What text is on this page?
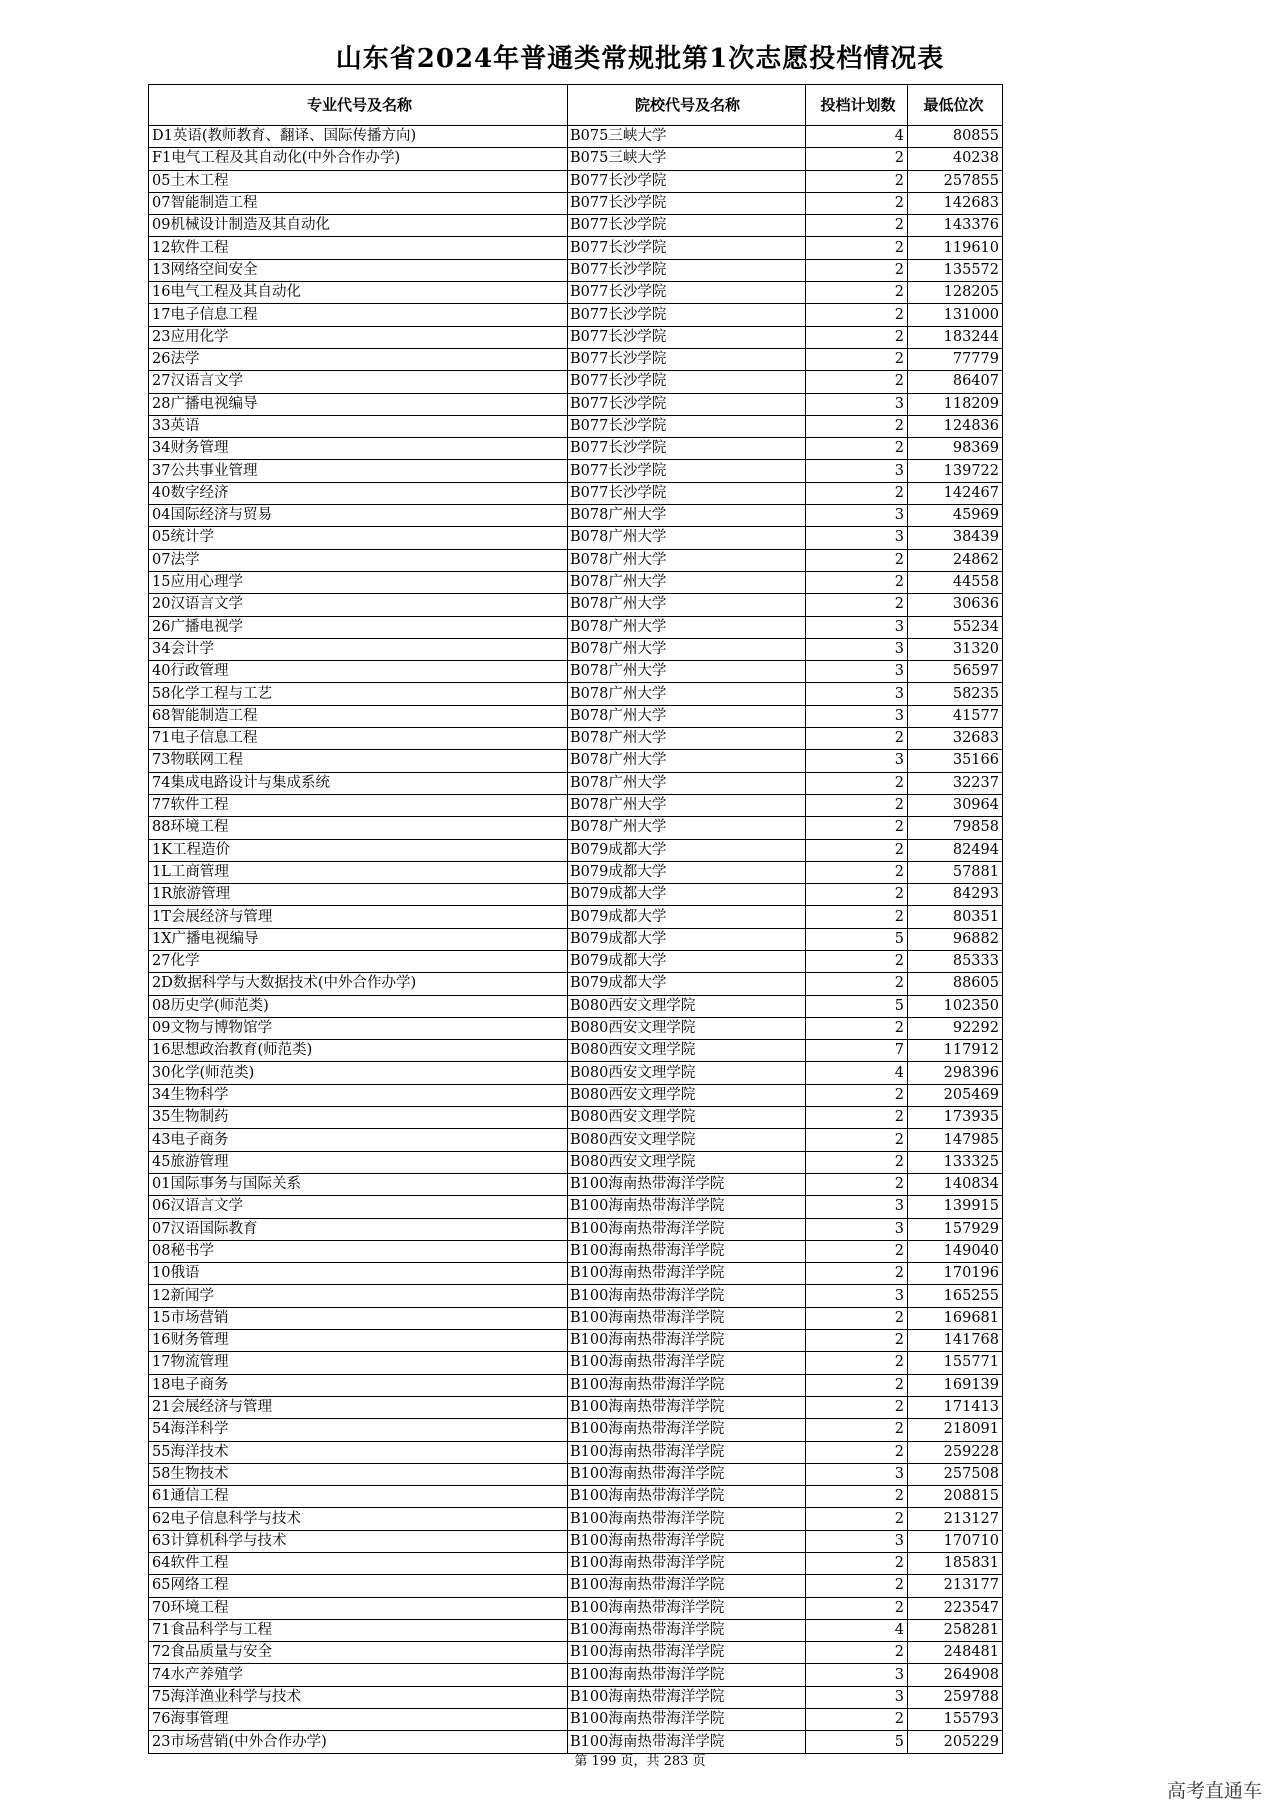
山东省2024年普通类常规批第1次志愿投档情况表
专业代号及名称	院校代号及名称	投档计划数	最低位次
D1英语(教师教育、翻译、国际传播方向)	B075三峡大学	4	80855
F1电气工程及其自动化(中外合作办学)	B075三峡大学	2	40238
05土木工程	B077长沙学院	2	257855
07智能制造工程	B077长沙学院	2	142683
09机械设计制造及其自动化	B077长沙学院	2	143376
12软件工程	B077长沙学院	2	119610
13网络空间安全	B077长沙学院	2	135572
16电气工程及其自动化	B077长沙学院	2	128205
17电子信息工程	B077长沙学院	2	131000
23应用化学	B077长沙学院	2	183244
26法学	B077长沙学院	2	77779
27汉语言文学	B077长沙学院	2	86407
28广播电视编导	B077长沙学院	3	118209
33英语	B077长沙学院	2	124836
34财务管理	B077长沙学院	2	98369
37公共事业管理	B077长沙学院	3	139722
40数字经济	B077长沙学院	2	142467
04国际经济与贸易	B078广州大学	3	45969
05统计学	B078广州大学	3	38439
07法学	B078广州大学	2	24862
15应用心理学	B078广州大学	2	44558
20汉语言文学	B078广州大学	2	30636
26广播电视学	B078广州大学	3	55234
34会计学	B078广州大学	3	31320
40行政管理	B078广州大学	3	56597
58化学工程与工艺	B078广州大学	3	58235
68智能制造工程	B078广州大学	3	41577
71电子信息工程	B078广州大学	2	32683
73物联网工程	B078广州大学	3	35166
74集成电路设计与集成系统	B078广州大学	2	32237
77软件工程	B078广州大学	2	30964
88环境工程	B078广州大学	2	79858
1K工程造价	B079成都大学	2	82494
1L工商管理	B079成都大学	2	57881
1R旅游管理	B079成都大学	2	84293
1T会展经济与管理	B079成都大学	2	80351
1X广播电视编导	B079成都大学	5	96882
27化学	B079成都大学	2	85333
2D数据科学与大数据技术(中外合作办学)	B079成都大学	2	88605
08历史学(师范类)	B080西安文理学院	5	102350
09文物与博物馆学	B080西安文理学院	2	92292
16思想政治教育(师范类)	B080西安文理学院	7	117912
30化学(师范类)	B080西安文理学院	4	298396
34生物科学	B080西安文理学院	2	205469
35生物制药	B080西安文理学院	2	173935
43电子商务	B080西安文理学院	2	147985
45旅游管理	B080西安文理学院	2	133325
01国际事务与国际关系	B100海南热带海洋学院	2	140834
06汉语言文学	B100海南热带海洋学院	3	139915
07汉语国际教育	B100海南热带海洋学院	3	157929
08秘书学	B100海南热带海洋学院	2	149040
10俄语	B100海南热带海洋学院	2	170196
12新闻学	B100海南热带海洋学院	3	165255
15市场营销	B100海南热带海洋学院	2	169681
16财务管理	B100海南热带海洋学院	2	141768
17物流管理	B100海南热带海洋学院	2	155771
18电子商务	B100海南热带海洋学院	2	169139
21会展经济与管理	B100海南热带海洋学院	2	171413
54海洋科学	B100海南热带海洋学院	2	218091
55海洋技术	B100海南热带海洋学院	2	259228
58生物技术	B100海南热带海洋学院	3	257508
61通信工程	B100海南热带海洋学院	2	208815
62电子信息科学与技术	B100海南热带海洋学院	2	213127
63计算机科学与技术	B100海南热带海洋学院	3	170710
64软件工程	B100海南热带海洋学院	2	185831
65网络工程	B100海南热带海洋学院	2	213177
70环境工程	B100海南热带海洋学院	2	223547
71食品科学与工程	B100海南热带海洋学院	4	258281
72食品质量与安全	B100海南热带海洋学院	2	248481
74水产养殖学	B100海南热带海洋学院	3	264908
75海洋渔业科学与技术	B100海南热带海洋学院	3	259788
76海事管理	B100海南热带海洋学院	2	155793
23市场营销(中外合作办学)	B100海南热带海洋学院	5	205229
第 199 页，共 283 页
高考直通车
